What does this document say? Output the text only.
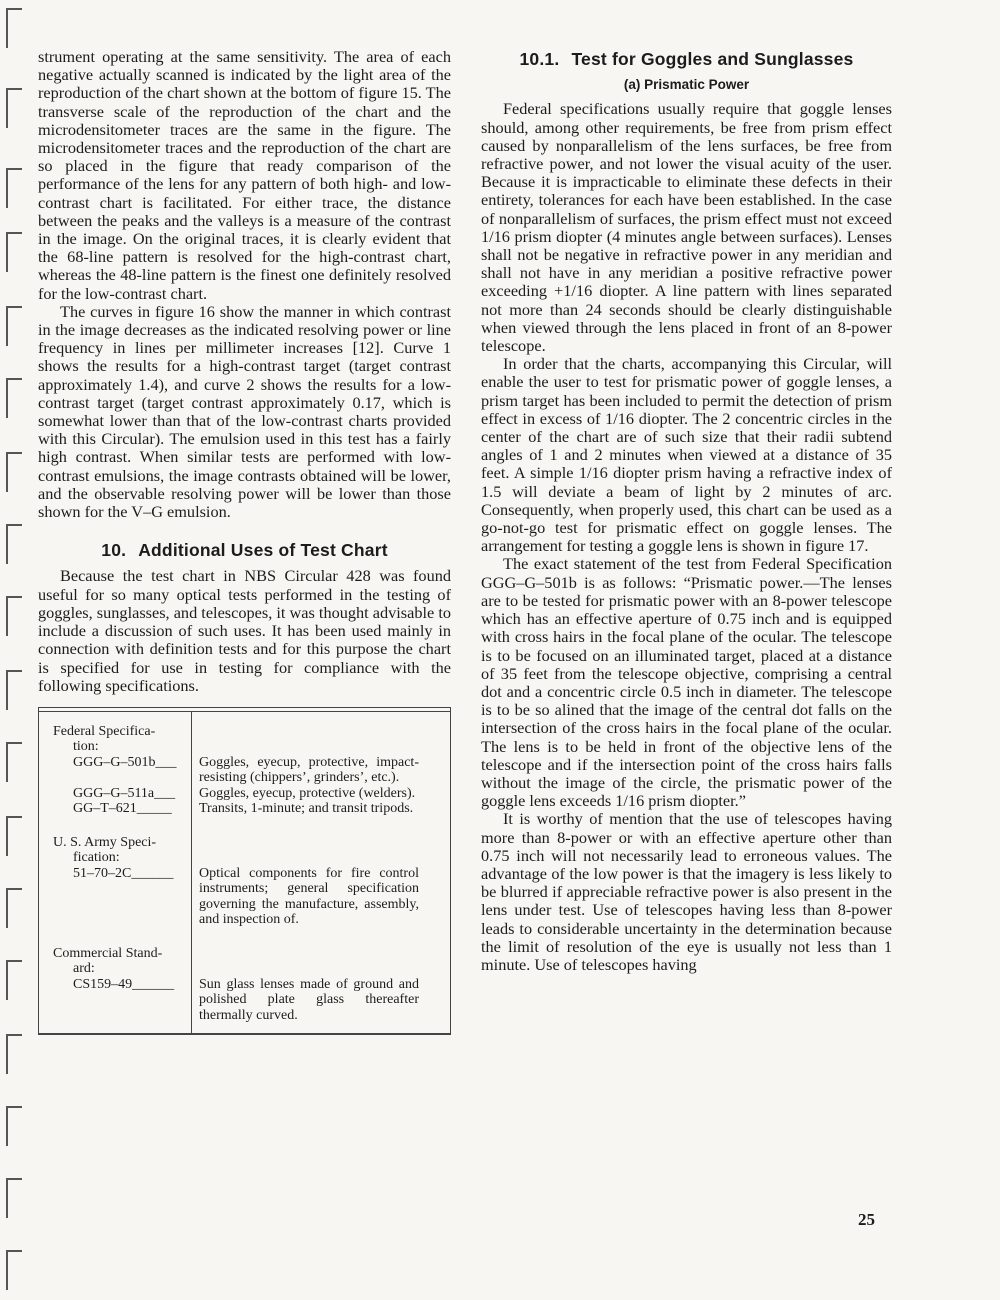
strument operating at the same sensitivity. The area of each negative actually scanned is indicated by the light area of the reproduction of the chart shown at the bottom of figure 15. The transverse scale of the reproduction of the chart and the microdensitometer traces are the same in the figure. The microdensitometer traces and the reproduction of the chart are so placed in the figure that ready comparison of the performance of the lens for any pattern of both high- and low-contrast chart is facilitated. For either trace, the distance between the peaks and the valleys is a measure of the contrast in the image. On the original traces, it is clearly evident that the 68-line pattern is resolved for the high-contrast chart, whereas the 48-line pattern is the finest one definitely resolved for the low-contrast chart.

The curves in figure 16 show the manner in which contrast in the image decreases as the indicated resolving power or line frequency in lines per millimeter increases [12]. Curve 1 shows the results for a high-contrast target (target contrast approximately 1.4), and curve 2 shows the results for a low-contrast target (target contrast approximately 0.17, which is somewhat lower than that of the low-contrast charts provided with this Circular). The emulsion used in this test has a fairly high contrast. When similar tests are performed with low-contrast emulsions, the image contrasts obtained will be lower, and the observable resolving power will be lower than those shown for the V–G emulsion.

10. Additional Uses of Test Chart

Because the test chart in NBS Circular 428 was found useful for so many optical tests performed in the testing of goggles, sunglasses, and telescopes, it was thought advisable to include a discussion of such uses. It has been used mainly in connection with definition tests and for this purpose the chart is specified for use in testing for compliance with the following specifications.

Federal Specifica-
tion:
GGG–G–501b___	Goggles, eyecup, protective, impact-resisting (chippers’, grinders’, etc.).
GGG–G–511a___	Goggles, eyecup, protective (welders).
GG–T–621_____	Transits, 1-minute; and transit tripods.
U. S. Army Speci-
fication:
51–70–2C______	Optical components for fire control instruments; general specification governing the manufacture, assembly, and inspection of.
Commercial Stand-
ard:
CS159–49______	Sun glass lenses made of ground and polished plate glass thereafter thermally curved.
10.1. Test for Goggles and Sunglasses
(a) Prismatic Power

Federal specifications usually require that goggle lenses should, among other requirements, be free from prism effect caused by nonparallelism of the lens surfaces, be free from refractive power, and not lower the visual acuity of the user. Because it is impracticable to eliminate these defects in their entirety, tolerances for each have been established. In the case of nonparallelism of surfaces, the prism effect must not exceed 1/16 prism diopter (4 minutes angle between surfaces). Lenses shall not be negative in refractive power in any meridian and shall not have in any meridian a positive refractive power exceeding +1/16 diopter. A line pattern with lines separated not more than 24 seconds should be clearly distinguishable when viewed through the lens placed in front of an 8-power telescope.

In order that the charts, accompanying this Circular, will enable the user to test for prismatic power of goggle lenses, a prism target has been included to permit the detection of prism effect in excess of 1/16 diopter. The 2 concentric circles in the center of the chart are of such size that their radii subtend angles of 1 and 2 minutes when viewed at a distance of 35 feet. A simple 1/16 diopter prism having a refractive index of 1.5 will deviate a beam of light by 2 minutes of arc. Consequently, when properly used, this chart can be used as a go-not-go test for prismatic effect on goggle lenses. The arrangement for testing a goggle lens is shown in figure 17.

The exact statement of the test from Federal Specification GGG–G–501b is as follows: “Prismatic power.—The lenses are to be tested for prismatic power with an 8-power telescope which has an effective aperture of 0.75 inch and is equipped with cross hairs in the focal plane of the ocular. The telescope is to be focused on an illuminated target, placed at a distance of 35 feet from the telescope objective, comprising a central dot and a concentric circle 0.5 inch in diameter. The telescope is to be so alined that the image of the central dot falls on the intersection of the cross hairs in the focal plane of the ocular. The lens is to be held in front of the objective lens of the telescope and if the intersection point of the cross hairs falls without the image of the circle, the prismatic power of the goggle lens exceeds 1/16 prism diopter.”

It is worthy of mention that the use of telescopes having more than 8-power or with an effective aperture other than 0.75 inch will not necessarily lead to erroneous values. The advantage of the low power is that the imagery is less likely to be blurred if appreciable refractive power is also present in the lens under test. Use of telescopes having less than 8-power leads to considerable uncertainty in the determination because the limit of resolution of the eye is usually not less than 1 minute. Use of telescopes having

25
